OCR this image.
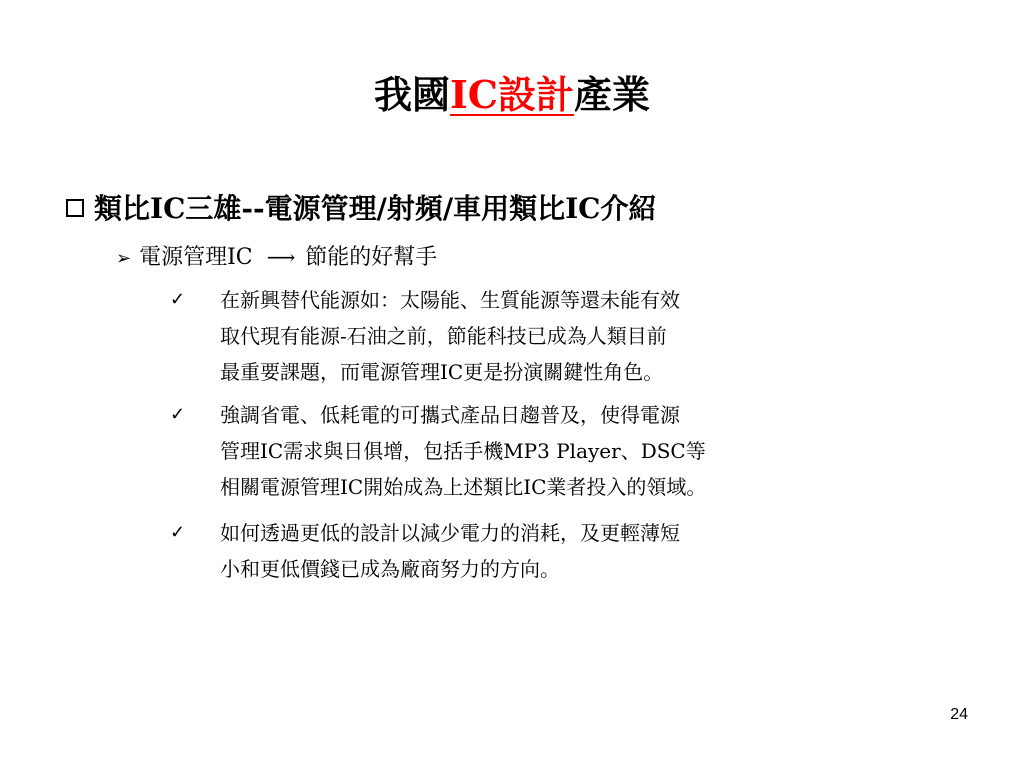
我國IC設計產業
類比IC三雄--電源管理/射頻/車用類比IC介紹
➢ 電源管理IC ⟶ 節能的好幫手
✓ 在新興替代能源如：太陽能、生質能源等還未能有效
取代現有能源-石油之前，節能科技已成為人類目前
最重要課題，而電源管理IC更是扮演關鍵性角色。
✓ 強調省電、低耗電的可攜式產品日趨普及，使得電源
管理IC需求與日俱增，包括手機MP3 Player、DSC等
相關電源管理IC開始成為上述類比IC業者投入的領域。
✓ 如何透過更低的設計以減少電力的消耗，及更輕薄短
小和更低價錢已成為廠商努力的方向。
24
